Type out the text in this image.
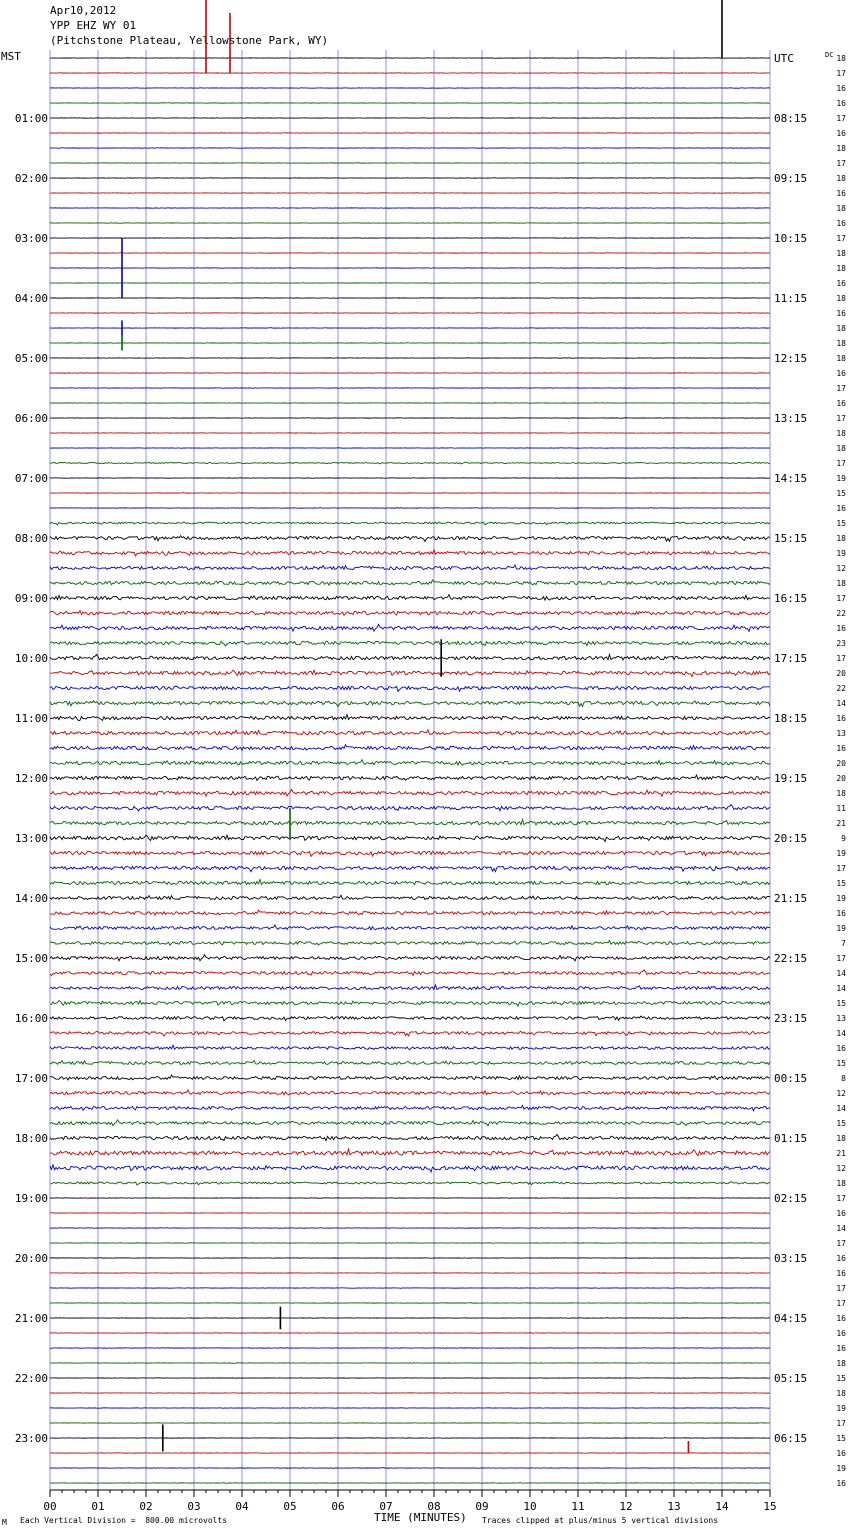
Apr10,2012
YPP EHZ WY 01
(Pitchstone Plateau, Yellowstone Park, WY)
MST	DC
00	01	02	03	04	05	06	07	08	09	10	11	12	13	14	15
01:00
02:00
03:00
04:00
05:00
06:00
07:00
08:00
09:00
10:00
11:00
12:00
13:00
14:00
15:00
16:00
17:00
18:00
19:00
20:00
21:00
22:00
23:00
UTC
08:15
09:15
10:15
11:15
12:15
13:15
14:15
15:15
16:15
17:15
18:15
19:15
20:15
21:15
22:15
23:15
00:15
01:15
02:15
03:15
04:15
05:15
06:15
18
17
16
16
17
16
18
17
18
16
18
16
17
18
18
16
18
16
18
18
18
16
17
16
17
18
18
17
19
15
16
15
18
19
12
18
17
22
16
23
17
20
22
14
16
13
16
20
20
18
11
21
9
19
17
15
19
16
19
7
17
14
14
15
13
14
16
15
8
12
14
15
18
21
12
18
17
16
14
17
16
16
17
17
16
16
16
18
15
18
19
17
15
16
19
16
TIME (MINUTES)
M Each Vertical Division =  800.00 microvolts	Traces clipped at plus/minus 5 vertical divisions
